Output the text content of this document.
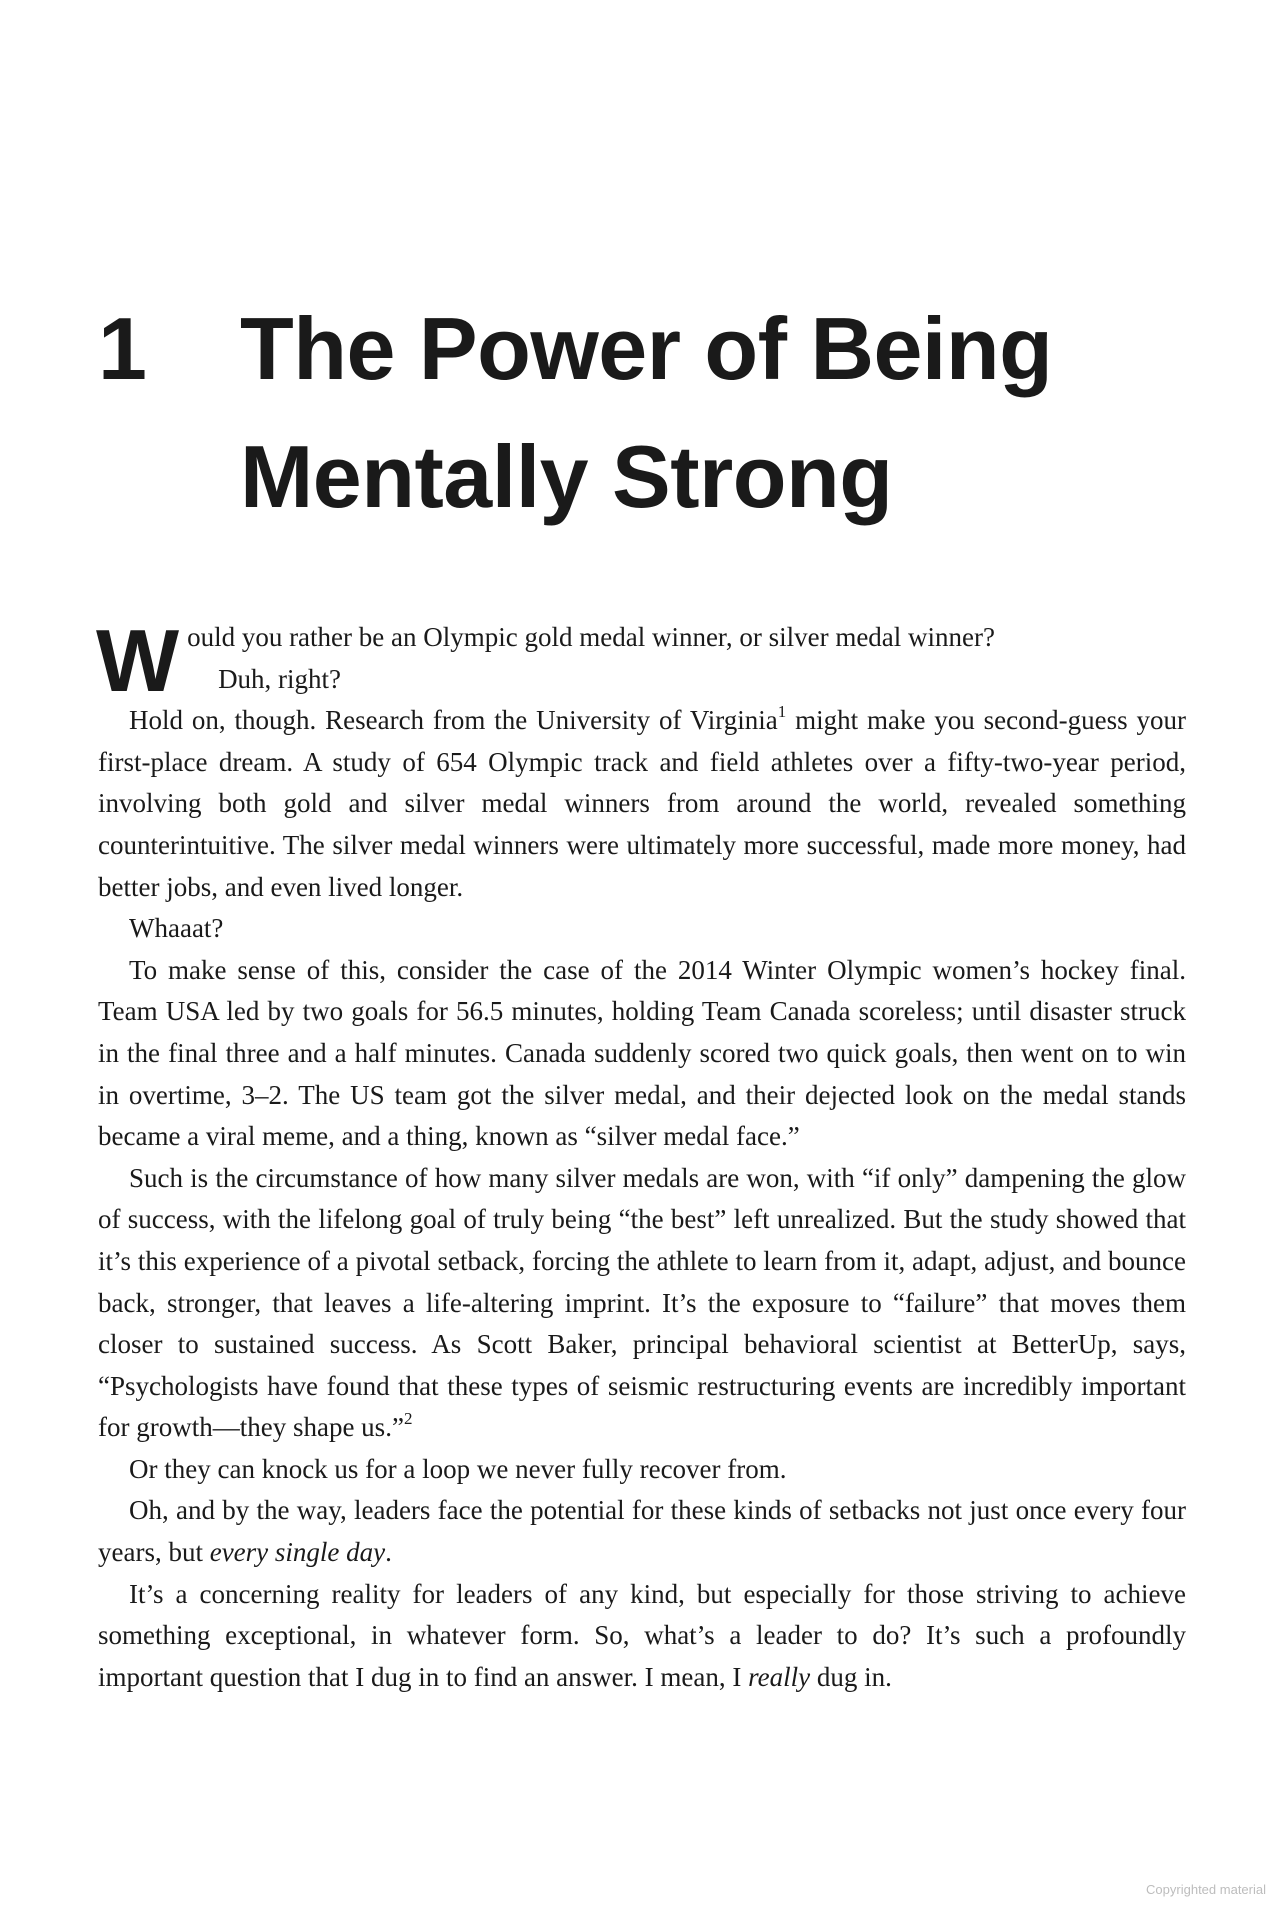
1 The Power of Being Mentally Strong

Would you rather be an Olympic gold medal winner, or silver medal winner?
Duh, right?

Hold on, though. Research from the University of Virginia$^1$ might make you second-guess your first-place dream. A study of 654 Olympic track and field athletes over a fifty-two-year period, involving both gold and silver medal winners from around the world, revealed something counterintuitive. The silver medal winners were ultimately more successful, made more money, had better jobs, and even lived longer.

Whaaat?

To make sense of this, consider the case of the 2014 Winter Olympic women’s hockey final. Team USA led by two goals for 56.5 minutes, holding Team Canada scoreless; until disaster struck in the final three and a half minutes. Canada suddenly scored two quick goals, then went on to win in overtime, 3–2. The US team got the silver medal, and their dejected look on the medal stands became a viral meme, and a thing, known as “silver medal face.”

Such is the circumstance of how many silver medals are won, with “if only” dampening the glow of success, with the lifelong goal of truly being “the best” left unrealized. But the study showed that it’s this experience of a pivotal setback, forcing the athlete to learn from it, adapt, adjust, and bounce back, stronger, that leaves a life-altering imprint. It’s the exposure to “failure” that moves them closer to sustained success. As Scott Baker, principal behavioral scientist at BetterUp, says, “Psychologists have found that these types of seismic restructuring events are incredibly important for growth—they shape us.”$^2$

Or they can knock us for a loop we never fully recover from.

Oh, and by the way, leaders face the potential for these kinds of setbacks not just once every four years, but every single day.

It’s a concerning reality for leaders of any kind, but especially for those striving to achieve something exceptional, in whatever form. So, what’s a leader to do? It’s such a profoundly important question that I dug in to find an answer. I mean, I really dug in.

Copyrighted material
